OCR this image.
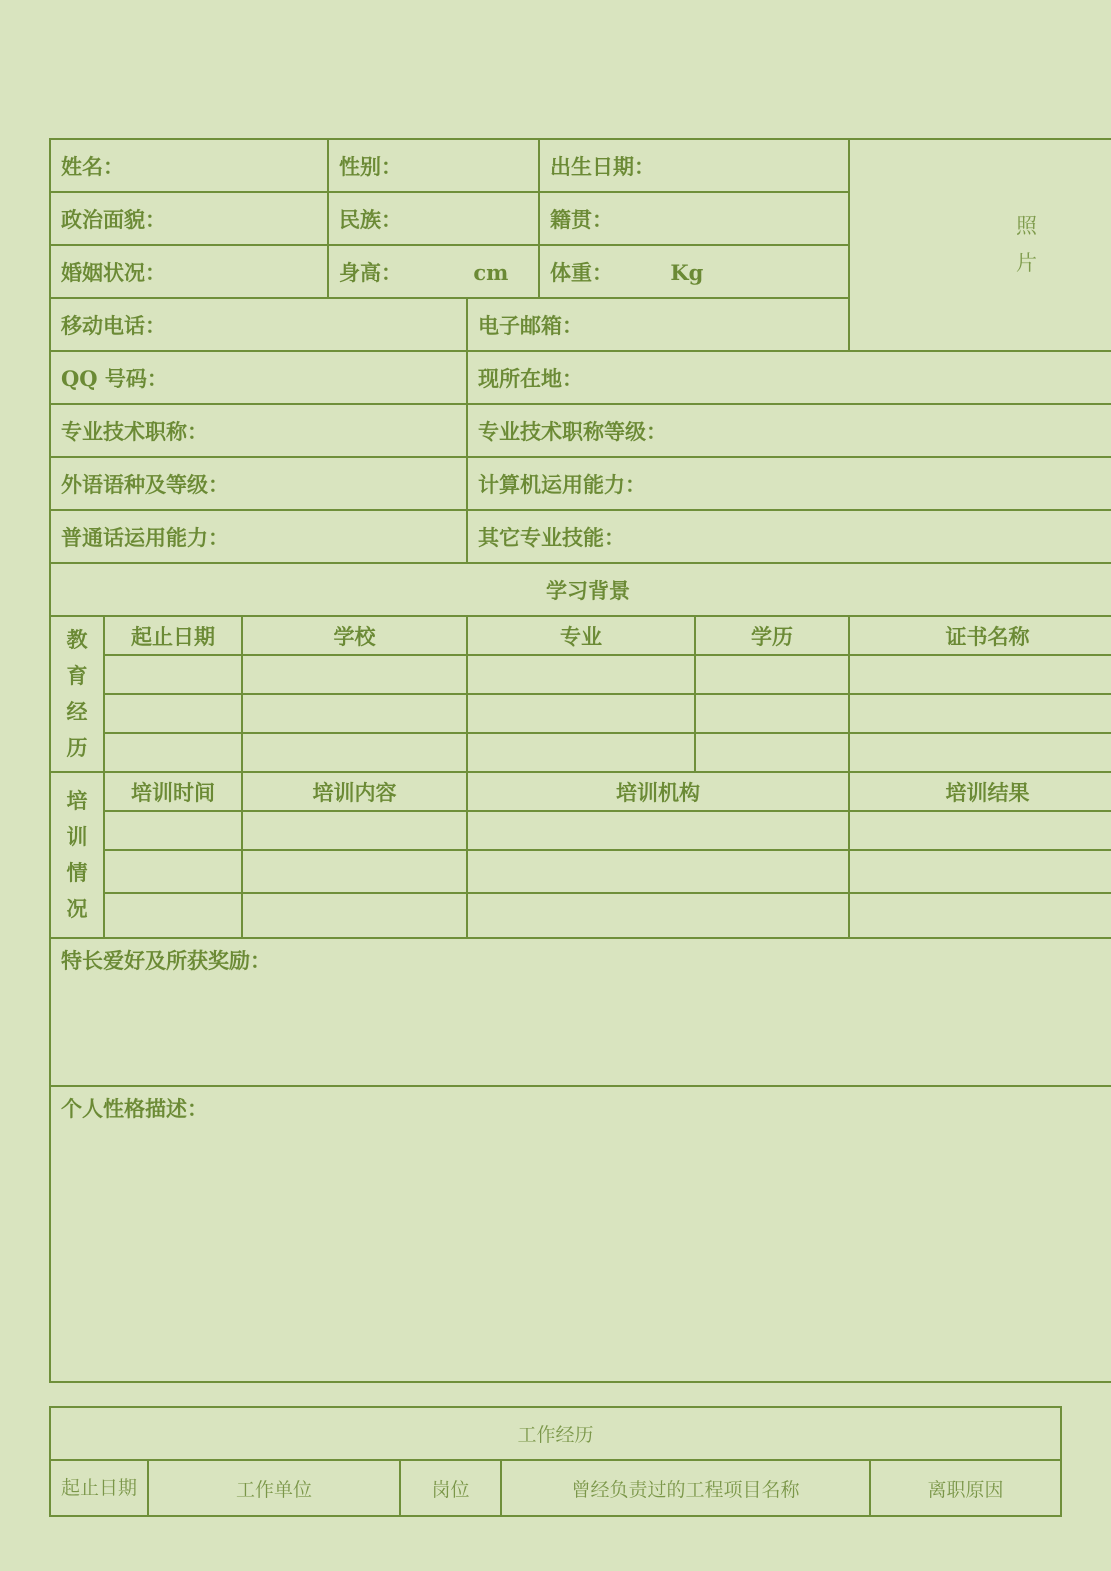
姓名：			性别：		出生日期：		照
片

政治面貌：			民族：		籍贯：		
婚姻状况：			身高： cm		体重： Kg		
移动电话：				电子邮箱：			
QQ 号码：				现所在地：			
专业技术职称：				专业技术职称等级：			
外语语种及等级：				计算机运用能力：			
普通话运用能力：				其它专业技能：			
学习背景							

教
育
经
历	起止日期	学校		专业		学历	证书名称

培
训
情
况	培训时间	培训内容		培训机构			培训结果

特长爱好及所获奖励：							
个人性格描述：							
工作经历
起止日期	工作单位	岗位	曾经负责过的工程项目名称	离职原因
